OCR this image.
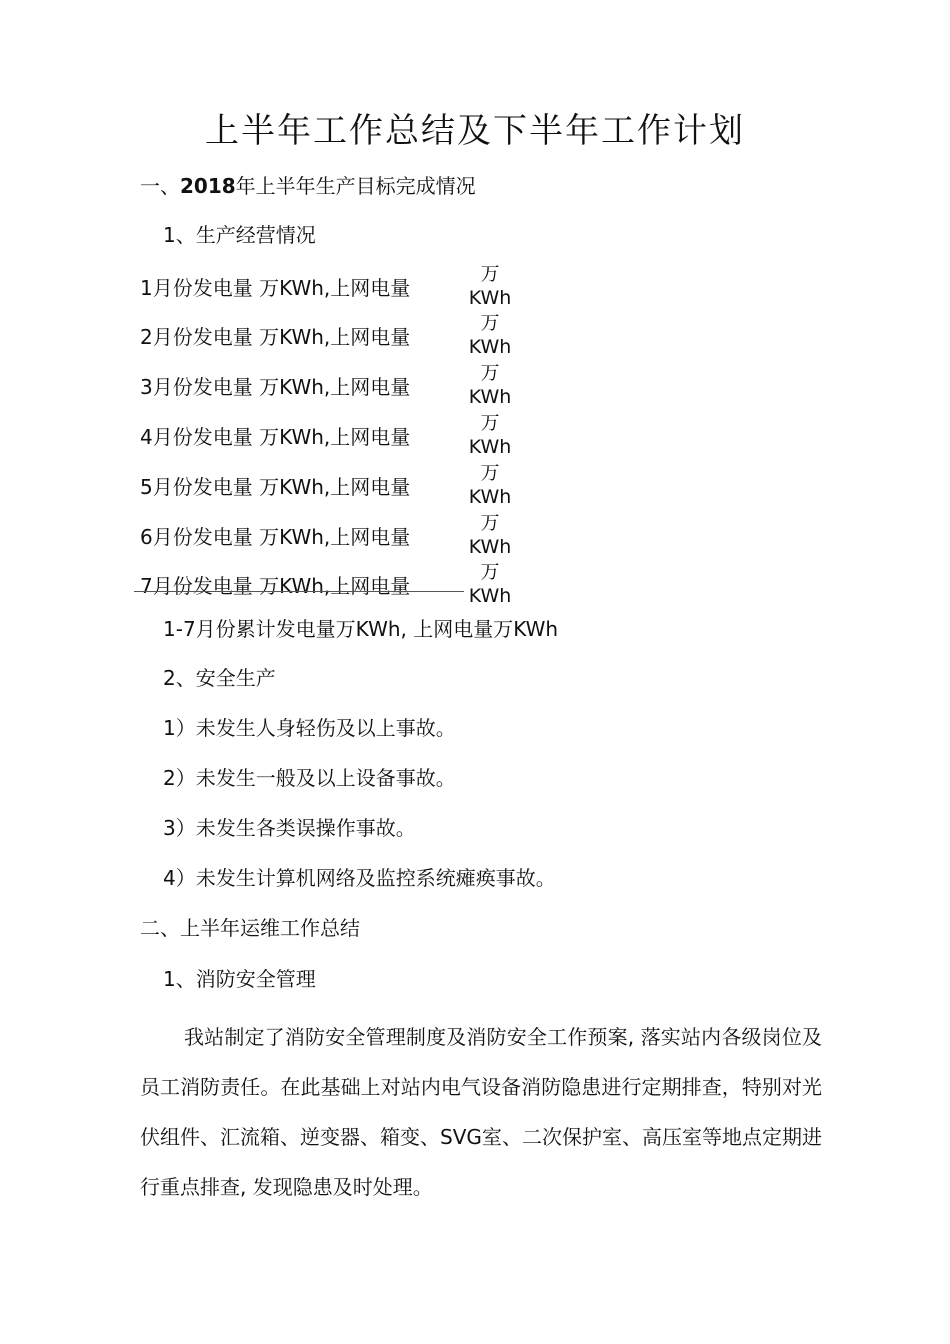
上半年工作总结及下半年工作计划
一、2018年上半年生产目标完成情况
1、生产经营情况
1月份发电量 万KWh,上网电量
万
KWh
2月份发电量 万KWh,上网电量
万
KWh
3月份发电量 万KWh,上网电量
万
KWh
4月份发电量 万KWh,上网电量
万
KWh
5月份发电量 万KWh,上网电量
万
KWh
6月份发电量 万KWh,上网电量
万
KWh
7月份发电量 万KWh,上网电量
万
KWh
1-7月份累计发电量万KWh, 上网电量万KWh
2、安全生产
1）未发生人身轻伤及以上事故。
2）未发生一般及以上设备事故。
3）未发生各类误操作事故。
4）未发生计算机网络及监控系统瘫痪事故。
二、上半年运维工作总结
1、消防安全管理
我站制定了消防安全管理制度及消防安全工作预案, 落实站内各级岗位及员工消防责任。在此基础上对站内电气设备消防隐患进行定期排查，特别对光伏组件、汇流箱、逆变器、箱变、SVG室、二次保护室、高压室等地点定期进行重点排查, 发现隐患及时处理。
